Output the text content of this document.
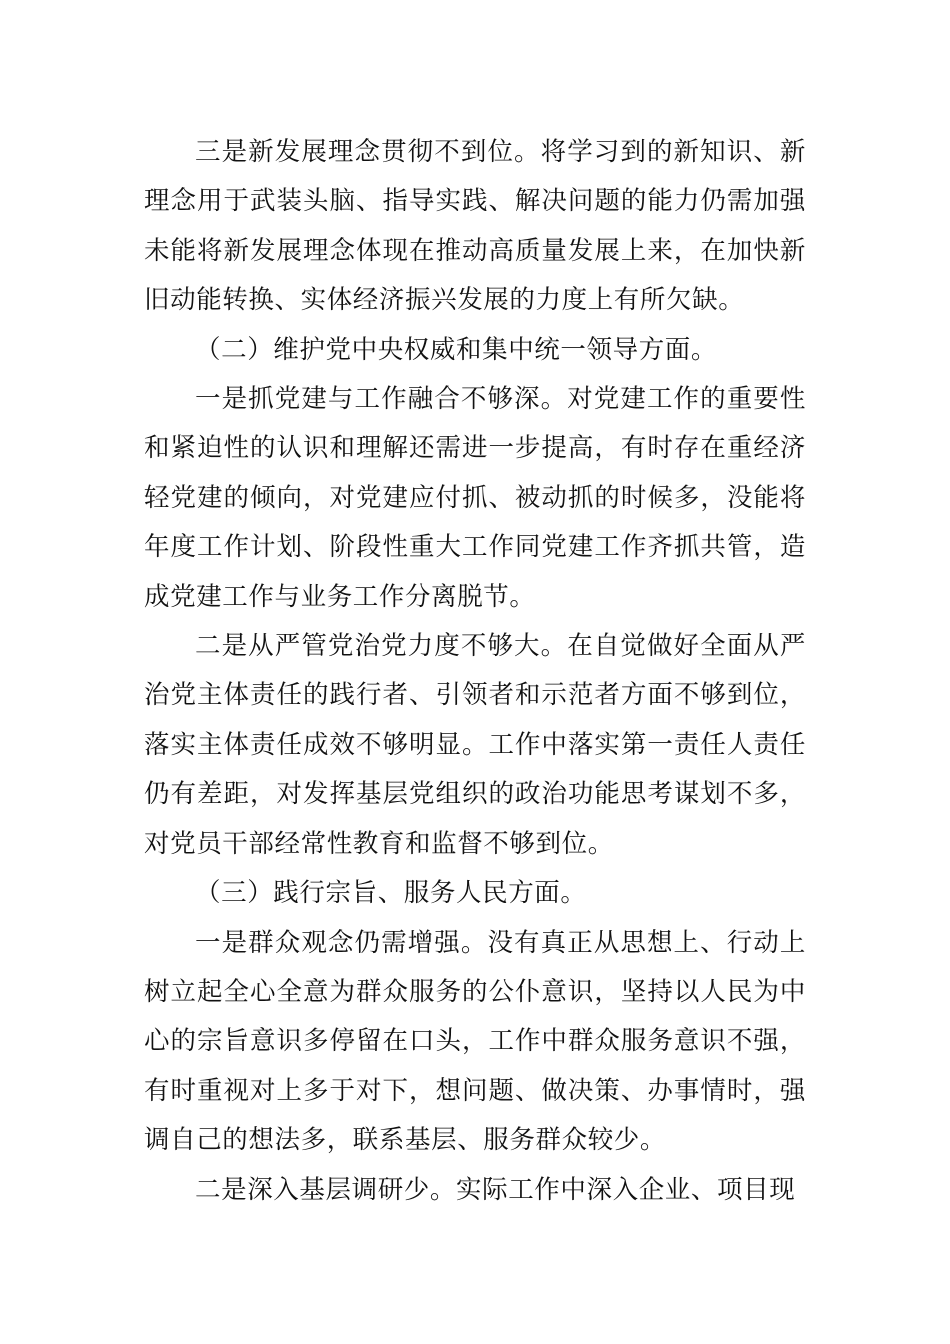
三是新发展理念贯彻不到位。将学习到的新知识、新理念用于武装头脑、指导实践、解决问题的能力仍需加强未能将新发展理念体现在推动高质量发展上来，在加快新旧动能转换、实体经济振兴发展的力度上有所欠缺。

（二）维护党中央权威和集中统一领导方面。

一是抓党建与工作融合不够深。对党建工作的重要性和紧迫性的认识和理解还需进一步提高，有时存在重经济轻党建的倾向，对党建应付抓、被动抓的时候多，没能将年度工作计划、阶段性重大工作同党建工作齐抓共管，造成党建工作与业务工作分离脱节。

二是从严管党治党力度不够大。在自觉做好全面从严治党主体责任的践行者、引领者和示范者方面不够到位，落实主体责任成效不够明显。工作中落实第一责任人责任仍有差距，对发挥基层党组织的政治功能思考谋划不多，对党员干部经常性教育和监督不够到位。

（三）践行宗旨、服务人民方面。

一是群众观念仍需增强。没有真正从思想上、行动上树立起全心全意为群众服务的公仆意识，坚持以人民为中心的宗旨意识多停留在口头，工作中群众服务意识不强，有时重视对上多于对下，想问题、做决策、办事情时，强调自己的想法多，联系基层、服务群众较少。

二是深入基层调研少。实际工作中深入企业、项目现
